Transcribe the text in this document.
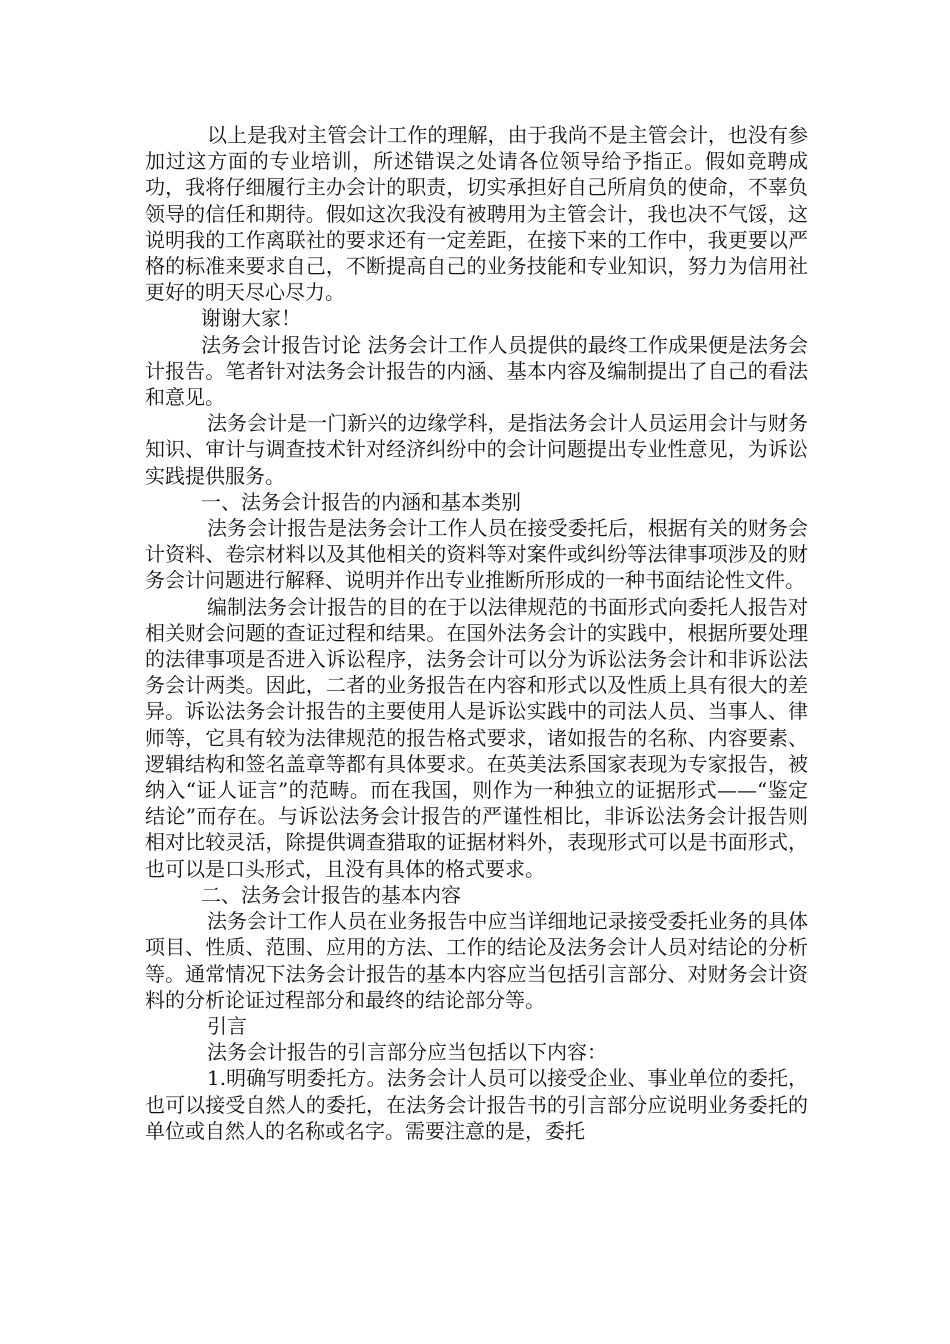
以上是我对主管会计工作的理解，由于我尚不是主管会计，也没有参加过这方面的专业培训，所述错误之处请各位领导给予指正。假如竞聘成功，我将仔细履行主办会计的职责，切实承担好自己所肩负的使命，不辜负领导的信任和期待。假如这次我没有被聘用为主管会计，我也决不气馁，这说明我的工作离联社的要求还有一定差距，在接下来的工作中，我更要以严格的标准来要求自己，不断提高自己的业务技能和专业知识，努力为信用社更好的明天尽心尽力。

谢谢大家！

法务会计报告讨论 法务会计工作人员提供的最终工作成果便是法务会计报告。笔者针对法务会计报告的内涵、基本内容及编制提出了自己的看法和意见。

法务会计是一门新兴的边缘学科，是指法务会计人员运用会计与财务知识、审计与调查技术针对经济纠纷中的会计问题提出专业性意见，为诉讼实践提供服务。

一、法务会计报告的内涵和基本类别

法务会计报告是法务会计工作人员在接受委托后，根据有关的财务会计资料、卷宗材料以及其他相关的资料等对案件或纠纷等法律事项涉及的财务会计问题进行解释、说明并作出专业推断所形成的一种书面结论性文件。

编制法务会计报告的目的在于以法律规范的书面形式向委托人报告对相关财会问题的查证过程和结果。在国外法务会计的实践中，根据所要处理的法律事项是否进入诉讼程序，法务会计可以分为诉讼法务会计和非诉讼法务会计两类。因此，二者的业务报告在内容和形式以及性质上具有很大的差异。诉讼法务会计报告的主要使用人是诉讼实践中的司法人员、当事人、律师等，它具有较为法律规范的报告格式要求，诸如报告的名称、内容要素、逻辑结构和签名盖章等都有具体要求。在英美法系国家表现为专家报告，被纳入“证人证言”的范畴。而在我国，则作为一种独立的证据形式——“鉴定结论”而存在。与诉讼法务会计报告的严谨性相比，非诉讼法务会计报告则相对比较灵活，除提供调查猎取的证据材料外，表现形式可以是书面形式，也可以是口头形式，且没有具体的格式要求。

二、法务会计报告的基本内容

法务会计工作人员在业务报告中应当详细地记录接受委托业务的具体项目、性质、范围、应用的方法、工作的结论及法务会计人员对结论的分析等。通常情况下法务会计报告的基本内容应当包括引言部分、对财务会计资料的分析论证过程部分和最终的结论部分等。

引言

法务会计报告的引言部分应当包括以下内容：

1.明确写明委托方。法务会计人员可以接受企业、事业单位的委托，也可以接受自然人的委托，在法务会计报告书的引言部分应说明业务委托的单位或自然人的名称或名字。需要注意的是，委托
